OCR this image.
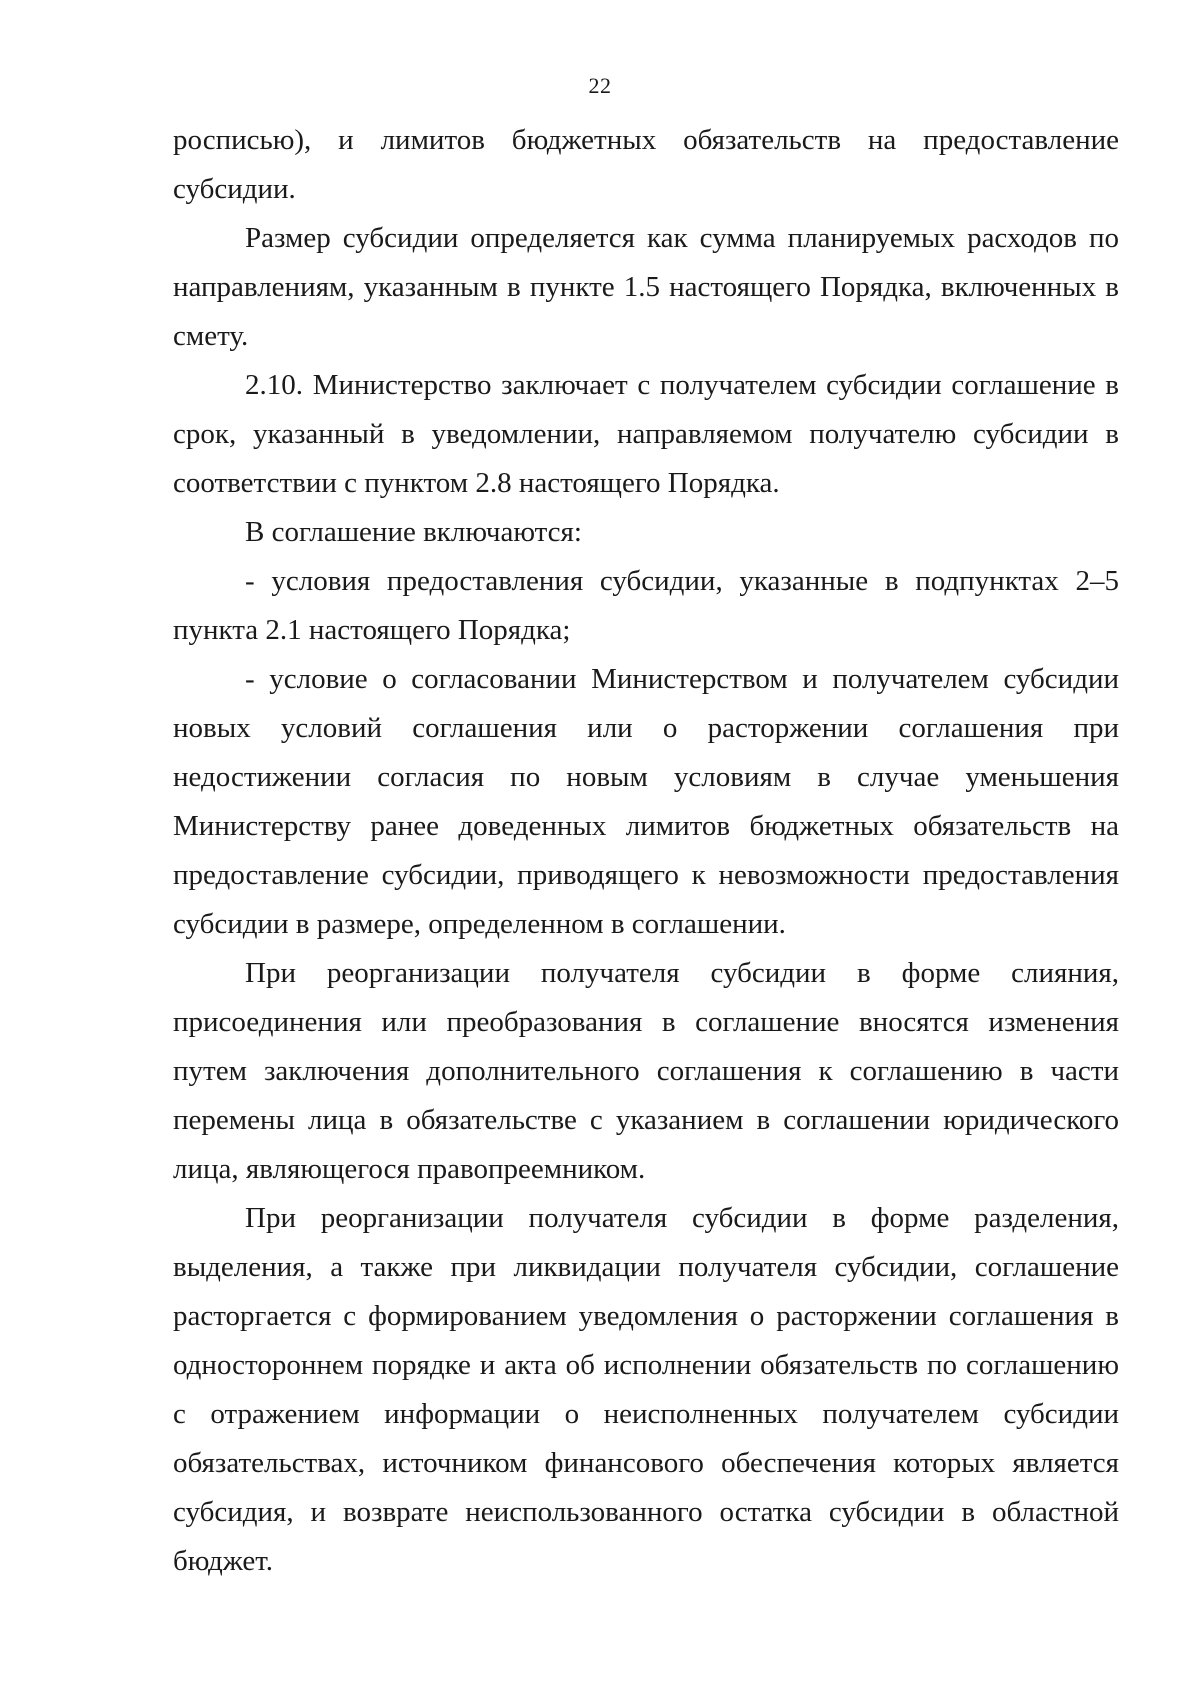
22

росписью), и лимитов бюджетных обязательств на предоставление субсидии.

Размер субсидии определяется как сумма планируемых расходов по направлениям, указанным в пункте 1.5 настоящего Порядка, включенных в смету.

2.10. Министерство заключает с получателем субсидии соглашение в срок, указанный в уведомлении, направляемом получателю субсидии в соответствии с пунктом 2.8 настоящего Порядка.

В соглашение включаются:

- условия предоставления субсидии, указанные в подпунктах 2–5 пункта 2.1 настоящего Порядка;

- условие о согласовании Министерством и получателем субсидии новых условий соглашения или о расторжении соглашения при недостижении согласия по новым условиям в случае уменьшения Министерству ранее доведенных лимитов бюджетных обязательств на предоставление субсидии, приводящего к невозможности предоставления субсидии в размере, определенном в соглашении.

При реорганизации получателя субсидии в форме слияния, присоединения или преобразования в соглашение вносятся изменения путем заключения дополнительного соглашения к соглашению в части перемены лица в обязательстве с указанием в соглашении юридического лица, являющегося правопреемником.

При реорганизации получателя субсидии в форме разделения, выделения, а также при ликвидации получателя субсидии, соглашение расторгается с формированием уведомления о расторжении соглашения в одностороннем порядке и акта об исполнении обязательств по соглашению с отражением информации о неисполненных получателем субсидии обязательствах, источником финансового обеспечения которых является субсидия, и возврате неиспользованного остатка субсидии в областной бюджет.
